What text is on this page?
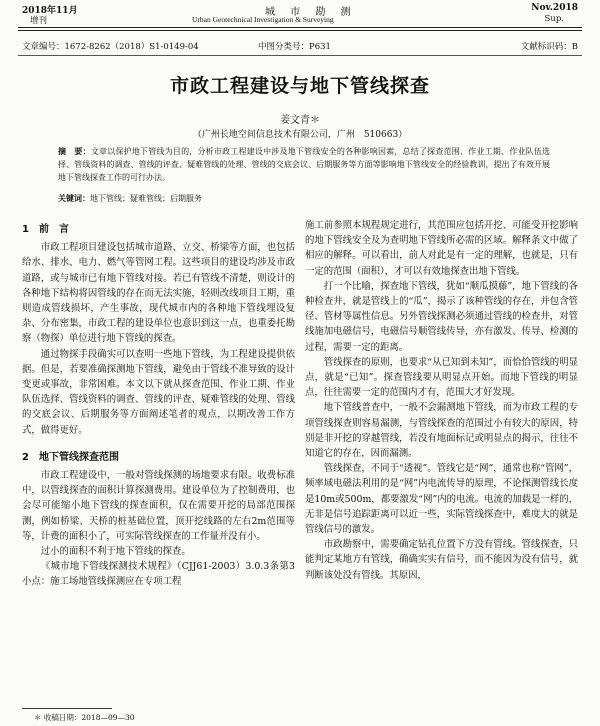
2018年11月
增刊
城 市 勘 测
Urban Geotechnical Investigation & Surveying
Nov.2018
Sup.
文章编号：1672-8262（2018）S1-0149-04	中图分类号：P631	文献标识码：B
市政工程建设与地下管线探查
姜文青＊
（广州长地空间信息技术有限公司，广州　510663）
摘　要：文章以保护地下管线为目的，分析市政工程建设中涉及地下管线安全的各种影响因素，总结了探查范围、作业工期、作业队伍选择、管线资料的调查、管线的评查、疑难管线的处理、管线的交底会议、后期服务等方面等影响地下管线安全的经验教训，提出了有效开展地下管线探查工作的可行办法。
关键词：地下管线；疑难管线；后期服务
1　前　言

市政工程项目建设包括城市道路、立交、桥梁等方面，也包括给水、排水、电力、燃气等管网工程。这些项目的建设均涉及市政道路，或与城市已有地下管线对接。若已有管线不清楚，则设计的各种地下结构将因管线的存在而无法实施，轻则改线项目工期，重则造成管线损坏，产生事故，现代城市内的各种地下管线埋设复杂、分布密集，市政工程的建设单位也意识到这一点，也重委托勘察（物探）单位进行地下管线的探查。

通过物探手段确实可以查明一些地下管线，为工程建设提供依据。但是，若要准确探测地下管线，避免由于管线不准导致的设计变更或事故，非常困难。本文以下就从探查范围、作业工期、作业队伍选择、管线资料的调查、管线的评查、疑难管线的处理、管线的交底会议、后期服务等方面阐述笔者的观点，以期改善工作方式，做得更好。

2　地下管线探查范围

市政工程建设中，一般对管线探测的场地要求有限。收费标准中，以管线探查的面积计算探测费用。建设单位为了控制费用，也会尽可能缩小地下管线的探查面积，仅在需要开挖的局部范围探测，例如桥梁、天桥的桩基础位置，顶开挖线路的左右2m范围等等，计费的面积小了，可实际管线探查的工作量并没有小。

过小的面积不利于地下管线的探查。

《城市地下管线探测技术规程》（CJJ61-2003）3.0.3条第3小点：施工场地管线探测应在专项工程

施工前参照本规程规定进行，其范围应包括开挖、可能受开挖影响的地下管线安全及为查明地下管线所必需的区域。解释条文中做了相应的解释。可以看出，前人对此是有一定的理解，也就是，只有一定的范围（面积），才可以有效地探查出地下管线。

打一个比喻，探查地下管线，犹如“顺瓜摸藤”，地下管线的各种检查井，就是管线上的“瓜”，揭示了该种管线的存在，并包含管径、管材等属性信息。另外管线探测必须通过管线的检查井，对管线施加电磁信号，电磁信号顺管线传导，亦有激发、传导、检测的过程，需要一定的距离。

管线探查的原则，也要求“从已知到未知”，而恰恰管线的明显点，就是“已知”。探查管线要从明显点开始。而地下管线的明显点，往往需要一定的范围内才有，范围大才好发现。

地下管线普查中，一般不会漏测地下管线，而为市政工程的专项管线探查则容易漏测，与管线探查的范围过小有较大的原因，特别是非开挖的穿越管线，若没有地面标记或明显点的揭示，往往不知道它的存在，因而漏测。

管线探查，不同于“透视”。管线它是“网”，通常也称“管网”，频率域电磁法利用的是“网”内电流传导的原理，不论探测管线长度是10m或500m，都要激发“网”内的电流。电流的加载是一样的，无非是信号追踪距离可以近一些，实际管线探查中，难度大的就是管线信号的激发。

市政勘察中，需要确定钻孔位置下方没有管线。管线探查，只能判定某地方有管线，确确实实有信号，而不能因为没有信号，就判断该处没有管线。其原因，

＊ 收稿日期：2018—09—30
